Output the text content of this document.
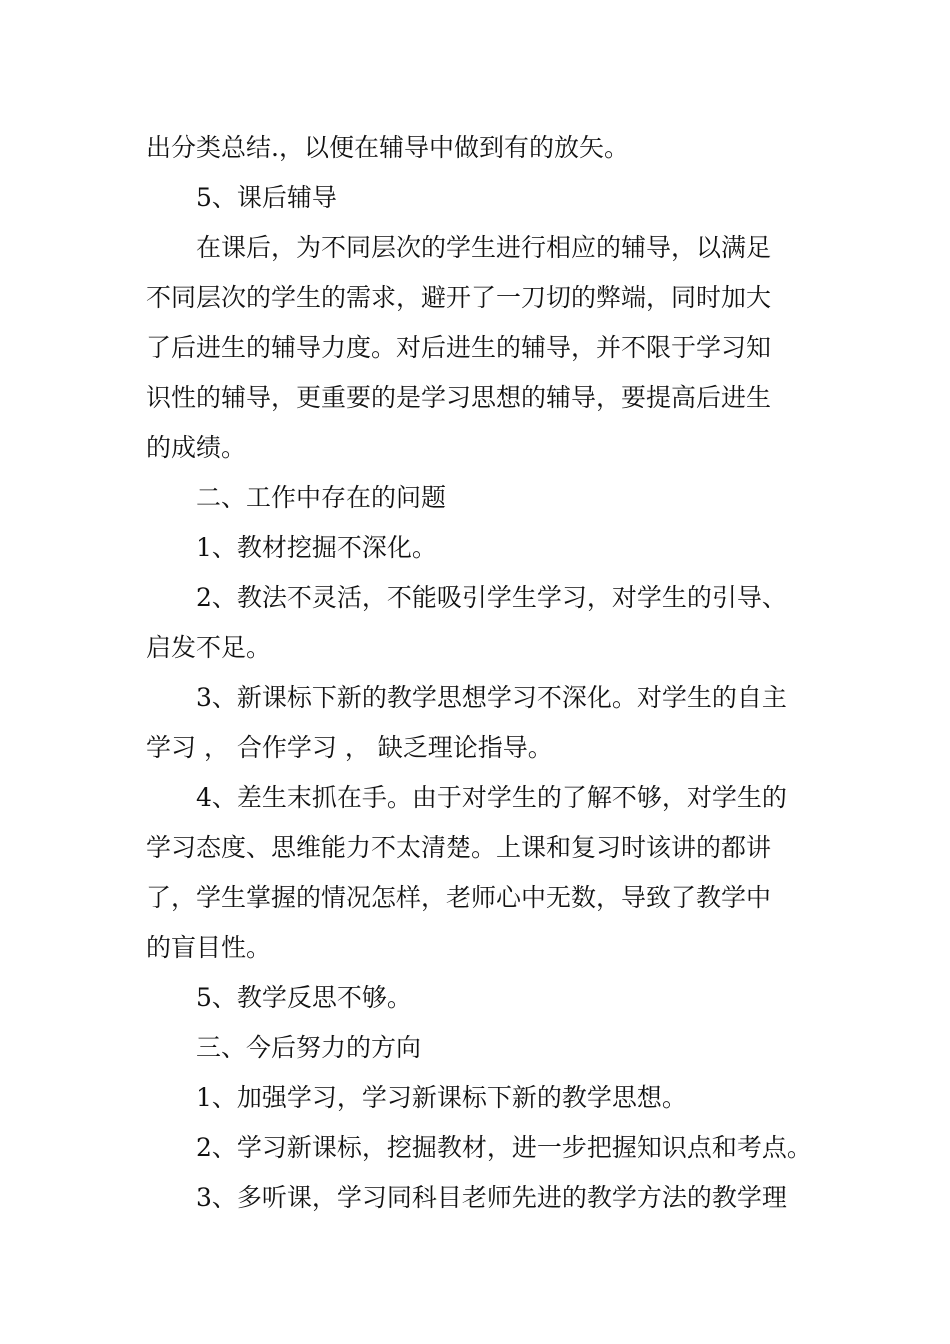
出分类总结.，以便在辅导中做到有的放矢。
5、课后辅导
在课后，为不同层次的学生进行相应的辅导，以满足
不同层次的学生的需求，避开了一刀切的弊端，同时加大
了后进生的辅导力度。对后进生的辅导，并不限于学习知
识性的辅导，更重要的是学习思想的辅导，要提高后进生
的成绩。
二、工作中存在的问题
1、教材挖掘不深化。
2、教法不灵活，不能吸引学生学习，对学生的引导、
启发不足。
3、新课标下新的教学思想学习不深化。对学生的自主
学习 ， 合作学习 ， 缺乏理论指导。
4、差生末抓在手。由于对学生的了解不够，对学生的
学习态度、思维能力不太清楚。上课和复习时该讲的都讲
了，学生掌握的情况怎样，老师心中无数，导致了教学中
的盲目性。
5、教学反思不够。
三、今后努力的方向
1、加强学习，学习新课标下新的教学思想。
2、学习新课标，挖掘教材，进一步把握知识点和考点。
3、多听课，学习同科目老师先进的教学方法的教学理
